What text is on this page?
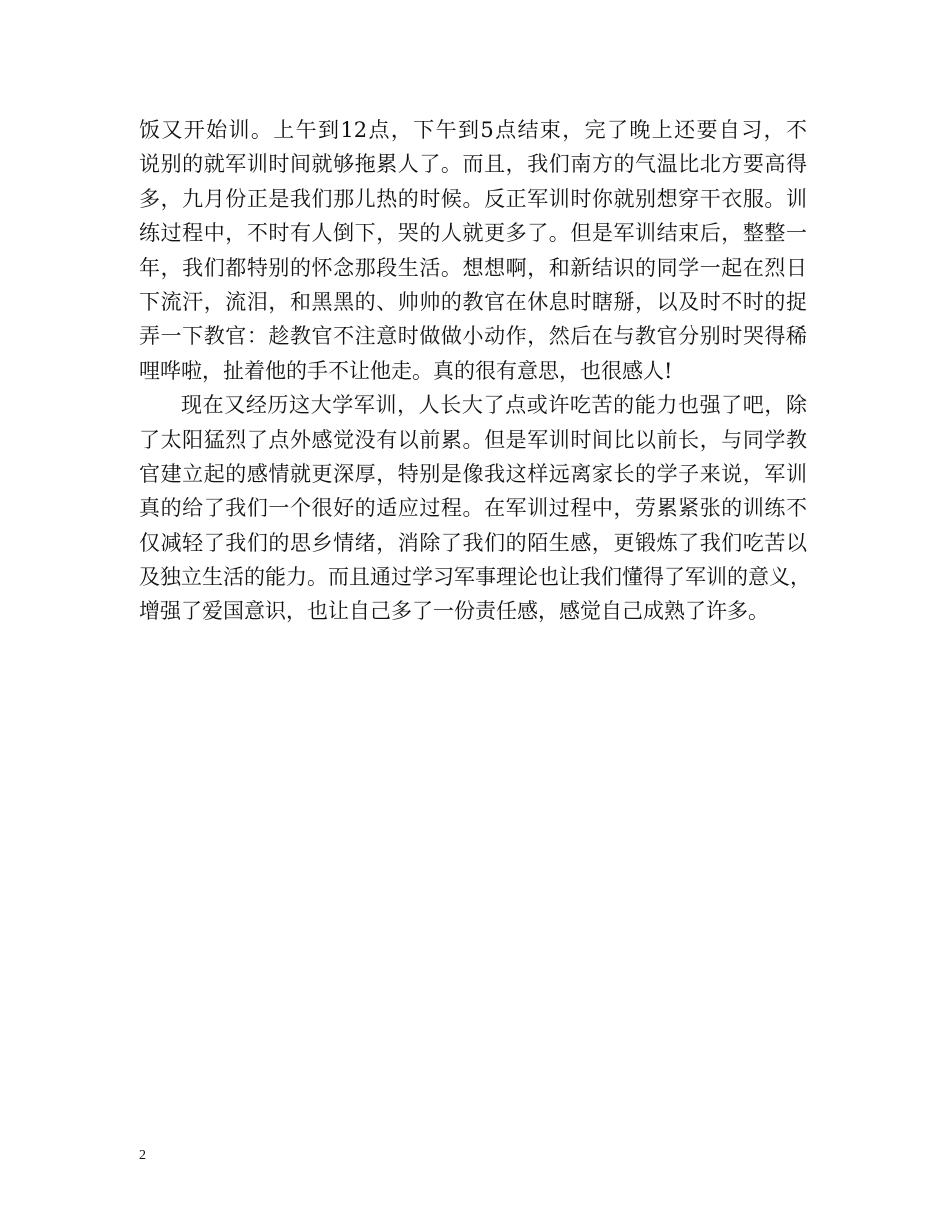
饭又开始训。上午到12点，下午到5点结束，完了晚上还要自习，不
说别的就军训时间就够拖累人了。而且，我们南方的气温比北方要高得
多，九月份正是我们那儿热的时候。反正军训时你就别想穿干衣服。训
练过程中，不时有人倒下，哭的人就更多了。但是军训结束后，整整一
年，我们都特别的怀念那段生活。想想啊，和新结识的同学一起在烈日
下流汗，流泪，和黑黑的、帅帅的教官在休息时瞎掰，以及时不时的捉
弄一下教官：趁教官不注意时做做小动作，然后在与教官分别时哭得稀
哩哗啦，扯着他的手不让他走。真的很有意思，也很感人!
现在又经历这大学军训，人长大了点或许吃苦的能力也强了吧，除
了太阳猛烈了点外感觉没有以前累。但是军训时间比以前长，与同学教
官建立起的感情就更深厚，特别是像我这样远离家长的学子来说，军训
真的给了我们一个很好的适应过程。在军训过程中，劳累紧张的训练不
仅减轻了我们的思乡情绪，消除了我们的陌生感，更锻炼了我们吃苦以
及独立生活的能力。而且通过学习军事理论也让我们懂得了军训的意义，
增强了爱国意识，也让自己多了一份责任感，感觉自己成熟了许多。
2
